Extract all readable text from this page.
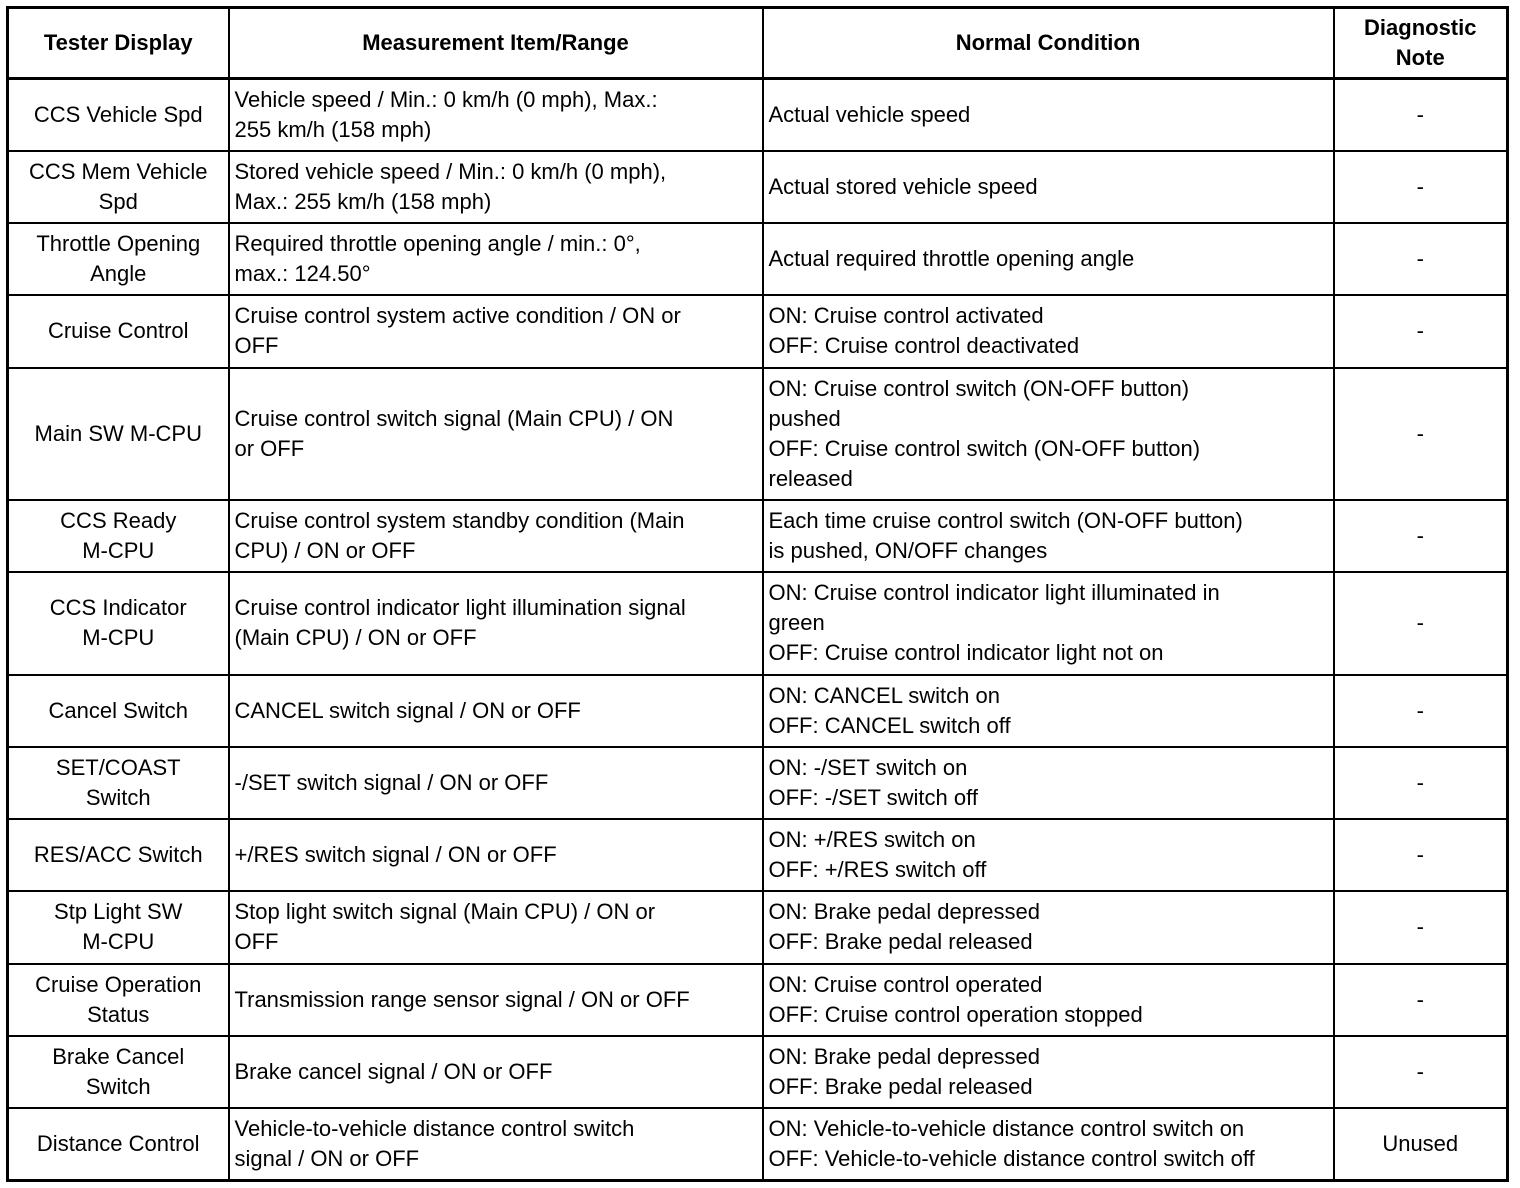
Tester Display	Measurement Item/Range	Normal Condition	Diagnostic
Note

CCS Vehicle Spd	Vehicle speed / Min.: 0 km/h (0 mph), Max.:
255 km/h (158 mph)	Actual vehicle speed	-

CCS Mem Vehicle
Spd	Stored vehicle speed / Min.: 0 km/h (0 mph),
Max.: 255 km/h (158 mph)	Actual stored vehicle speed	-

Throttle Opening
Angle	Required throttle opening angle / min.: 0°,
max.: 124.50°	Actual required throttle opening angle	-

Cruise Control	Cruise control system active condition / ON or
OFF	ON: Cruise control activated
OFF: Cruise control deactivated	-

Main SW M-CPU	Cruise control switch signal (Main CPU) / ON
or OFF	ON: Cruise control switch (ON-OFF button)
pushed
OFF: Cruise control switch (ON-OFF button)
released	-

CCS Ready
M-CPU	Cruise control system standby condition (Main
CPU) / ON or OFF	Each time cruise control switch (ON-OFF button)
is pushed, ON/OFF changes	-

CCS Indicator
M-CPU	Cruise control indicator light illumination signal
(Main CPU) / ON or OFF	ON: Cruise control indicator light illuminated in
green
OFF: Cruise control indicator light not on	-

Cancel Switch	CANCEL switch signal / ON or OFF	ON: CANCEL switch on
OFF: CANCEL switch off	-

SET/COAST
Switch	-/SET switch signal / ON or OFF	ON: -/SET switch on
OFF: -/SET switch off	-

RES/ACC Switch	+/RES switch signal / ON or OFF	ON: +/RES switch on
OFF: +/RES switch off	-

Stp Light SW
M-CPU	Stop light switch signal (Main CPU) / ON or
OFF	ON: Brake pedal depressed
OFF: Brake pedal released	-

Cruise Operation
Status	Transmission range sensor signal / ON or OFF	ON: Cruise control operated
OFF: Cruise control operation stopped	-

Brake Cancel
Switch	Brake cancel signal / ON or OFF	ON: Brake pedal depressed
OFF: Brake pedal released	-

Distance Control	Vehicle-to-vehicle distance control switch
signal / ON or OFF	ON: Vehicle-to-vehicle distance control switch on
OFF: Vehicle-to-vehicle distance control switch off	Unused
